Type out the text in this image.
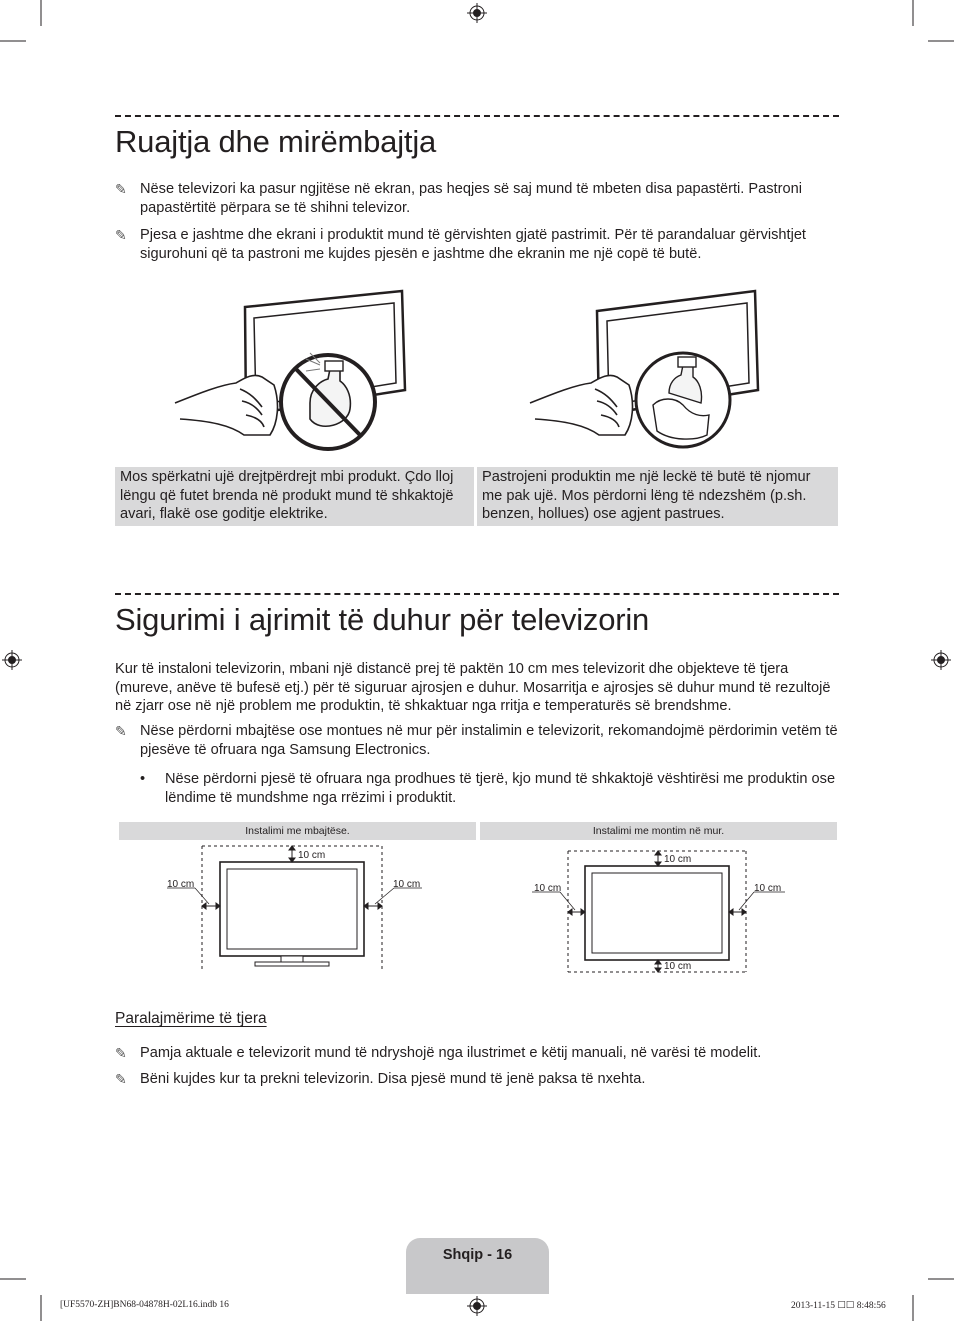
Ruajtja dhe mirëmbajtja
✎ Nëse televizori ka pasur ngjitëse në ekran, pas heqjes së saj mund të mbeten disa papastërti. Pastroni papastërtitë përpara se të shihni televizor.
✎ Pjesa e jashtme dhe ekrani i produktit mund të gërvishten gjatë pastrimit. Për të parandaluar gërvishtjet sigurohuni që ta pastroni me kujdes pjesën e jashtme dhe ekranin me një copë të butë.
Mos spërkatni ujë drejtpërdrejt mbi produkt. Çdo lloj lëngu që futet brenda në produkt mund të shkaktojë avari, flakë ose goditje elektrike.
Pastrojeni produktin me një leckë të butë të njomur me pak ujë. Mos përdorni lëng të ndezshëm (p.sh. benzen, hollues) ose agjent pastrues.
Sigurimi i ajrimit të duhur për televizorin

Kur të instaloni televizorin, mbani një distancë prej të paktën 10 cm mes televizorit dhe objekteve të tjera (mureve, anëve të bufesë etj.) për të siguruar ajrosjen e duhur. Mosarritja e ajrosjes së duhur mund të rezultojë në zjarr ose në një problem me produktin, të shkaktuar nga rritja e temperaturës së brendshme.

✎ Nëse përdorni mbajtëse ose montues në mur për instalimin e televizorit, rekomandojmë përdorimin vetëm të pjesëve të ofruara nga Samsung Electronics.
• Nëse përdorni pjesë të ofruara nga prodhues të tjerë, kjo mund të shkaktojë vështirësi me produktin ose lëndime të mundshme nga rrëzimi i produktit.
Instalimi me mbajtëse.	Instalimi me montim në mur.
10 cm
10 cm	10 cm
10 cm
10 cm
10 cm	10 cm
Paralajmërime të tjera
✎ Pamja aktuale e televizorit mund të ndryshojë nga ilustrimet e këtij manuali, në varësi të modelit.
✎ Bëni kujdes kur ta prekni televizorin. Disa pjesë mund të jenë paksa të nxehta.
Shqip - 16
[UF5570-ZH]BN68-04878H-02L16.indb 16	2013-11-15 ☐☐ 8:48:56
